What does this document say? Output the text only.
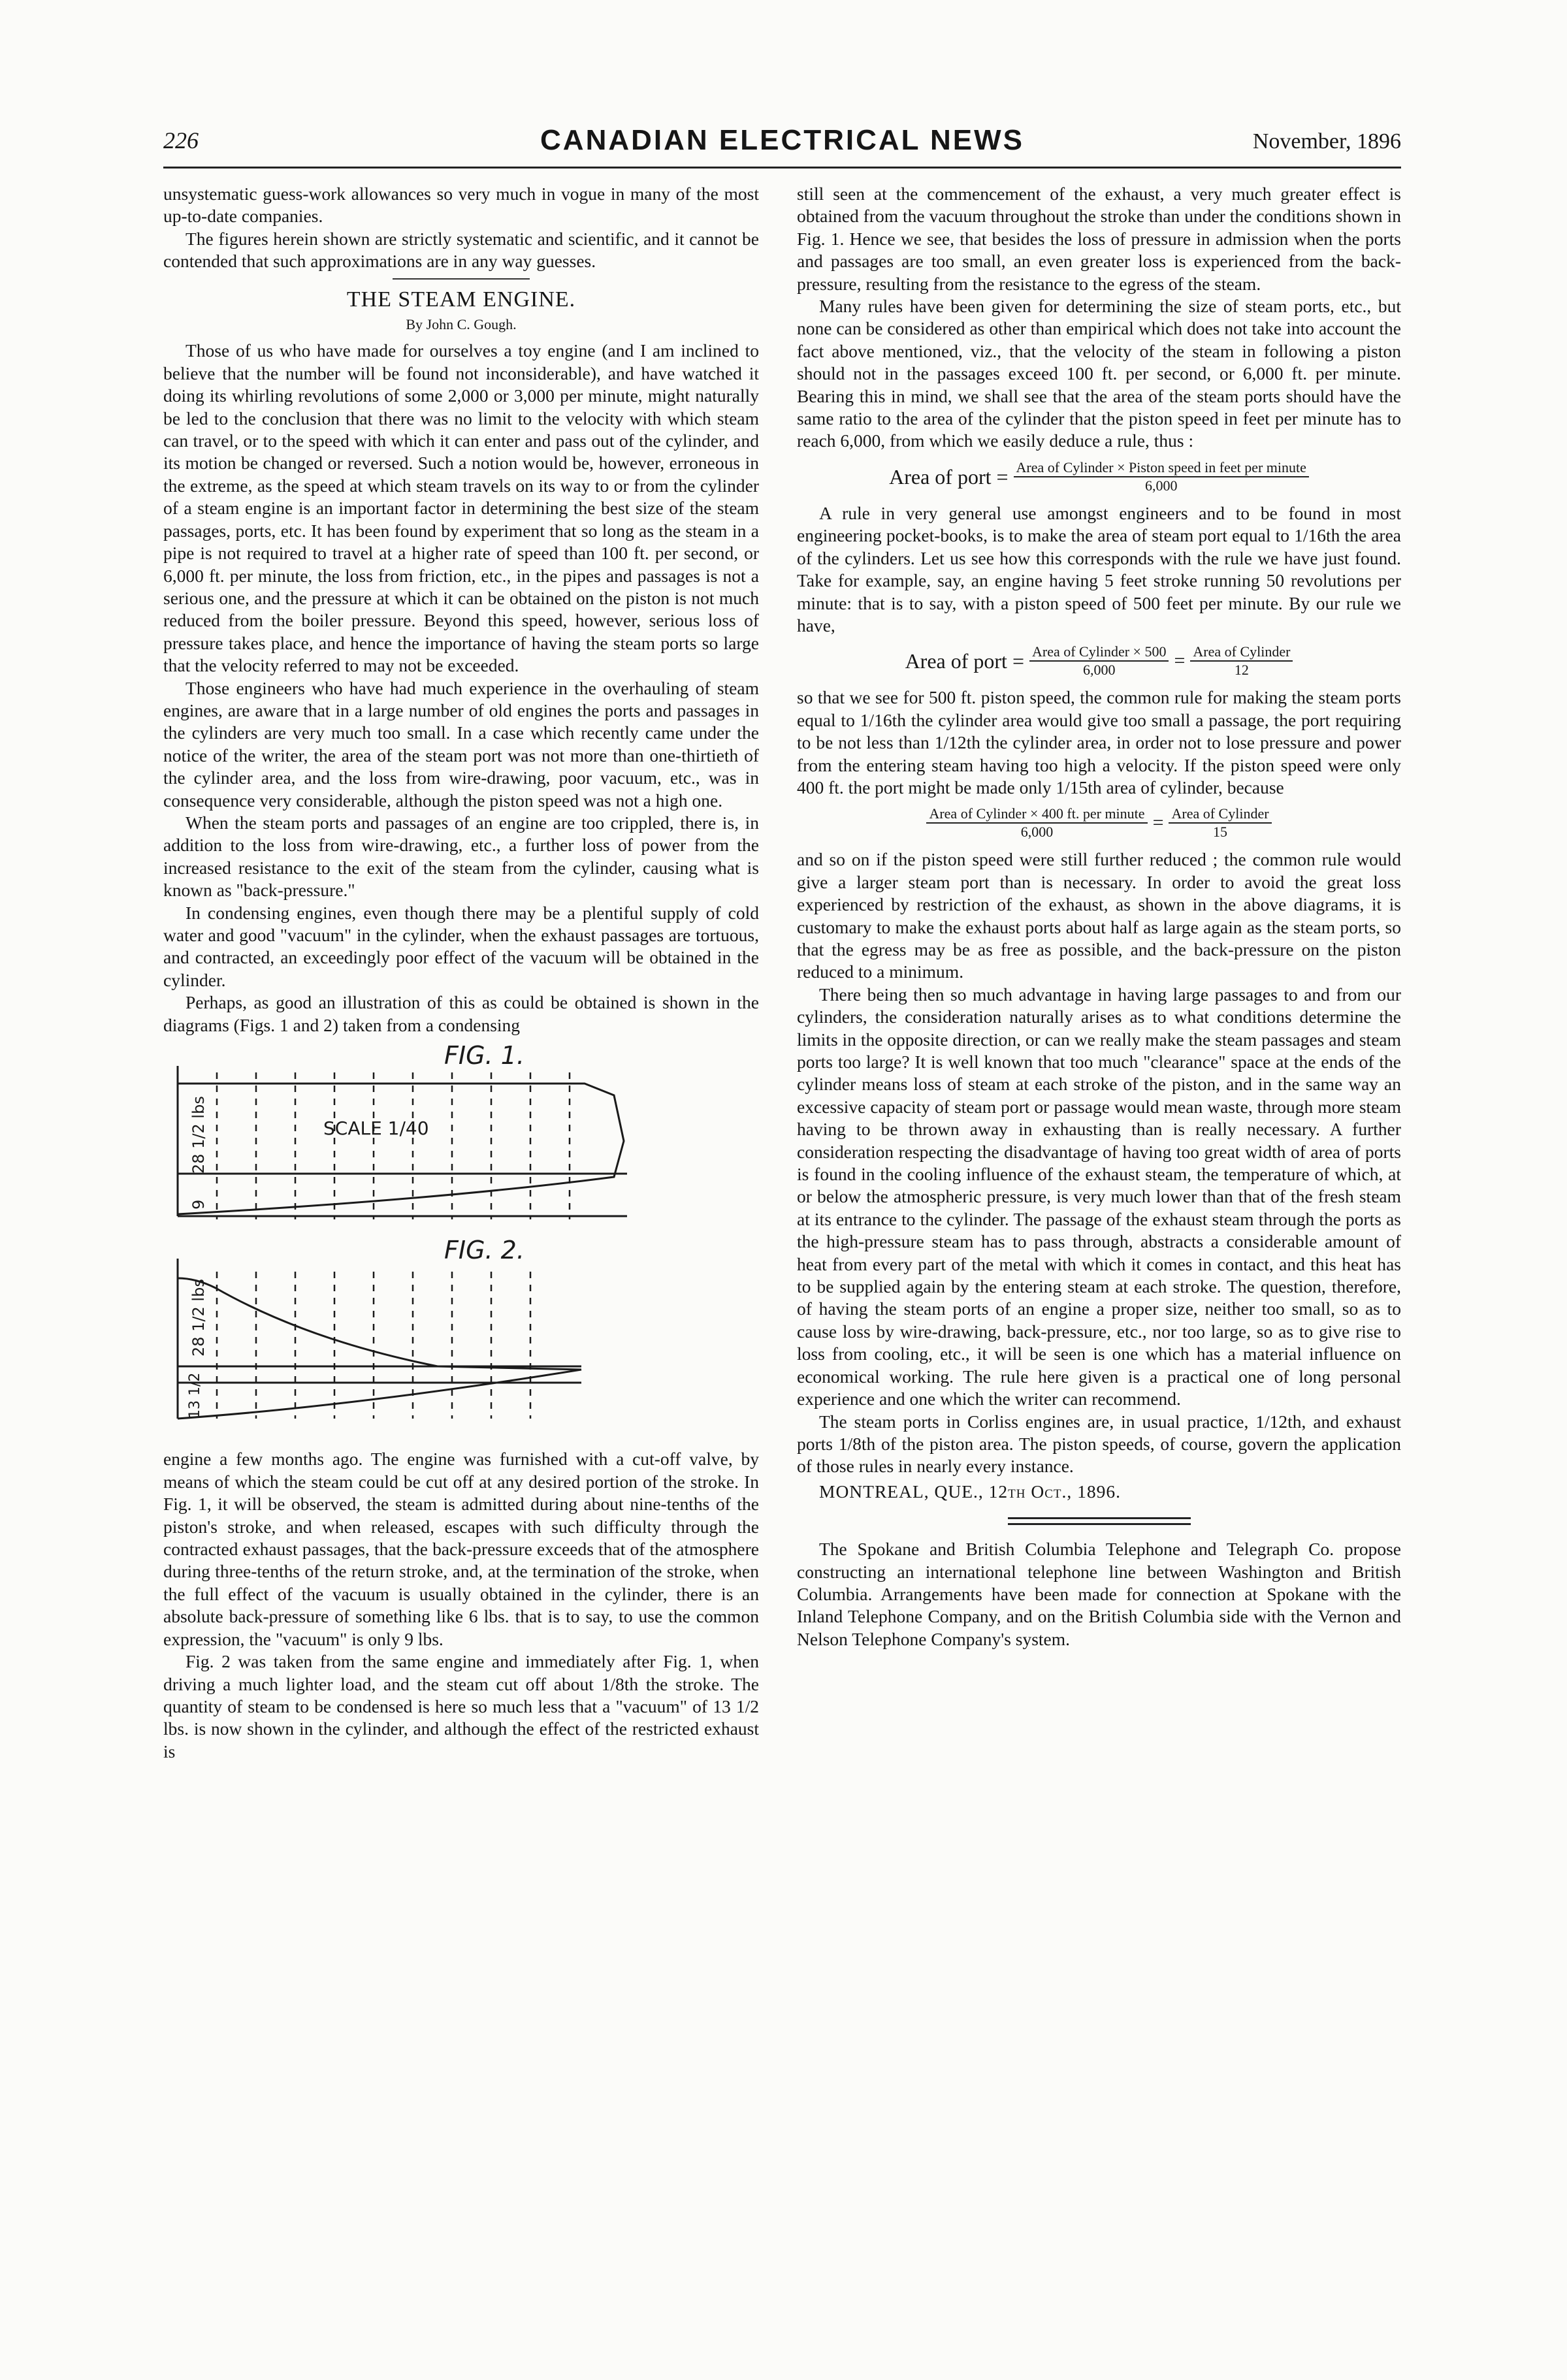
226	CANADIAN ELECTRICAL NEWS	November, 1896

unsystematic guess-work allowances so very much in vogue in many of the most up-to-date companies.

The figures herein shown are strictly systematic and scientific, and it cannot be contended that such approximations are in any way guesses.

THE STEAM ENGINE.
By John C. Gough.

Those of us who have made for ourselves a toy engine (and I am inclined to believe that the number will be found not inconsiderable), and have watched it doing its whirling revolutions of some 2,000 or 3,000 per minute, might naturally be led to the conclusion that there was no limit to the velocity with which steam can travel, or to the speed with which it can enter and pass out of the cylinder, and its motion be changed or reversed. Such a notion would be, however, erroneous in the extreme, as the speed at which steam travels on its way to or from the cylinder of a steam engine is an important factor in determining the best size of the steam passages, ports, etc. It has been found by experiment that so long as the steam in a pipe is not required to travel at a higher rate of speed than 100 ft. per second, or 6,000 ft. per minute, the loss from friction, etc., in the pipes and passages is not a serious one, and the pressure at which it can be obtained on the piston is not much reduced from the boiler pressure. Beyond this speed, however, serious loss of pressure takes place, and hence the importance of having the steam ports so large that the velocity referred to may not be exceeded.

Those engineers who have had much experience in the overhauling of steam engines, are aware that in a large number of old engines the ports and passages in the cylinders are very much too small. In a case which recently came under the notice of the writer, the area of the steam port was not more than one-thirtieth of the cylinder area, and the loss from wire-drawing, poor vacuum, etc., was in consequence very considerable, although the piston speed was not a high one.

When the steam ports and passages of an engine are too crippled, there is, in addition to the loss from wire-drawing, etc., a further loss of power from the increased resistance to the exit of the steam from the cylinder, causing what is known as "back-pressure."

In condensing engines, even though there may be a plentiful supply of cold water and good "vacuum" in the cylinder, when the exhaust passages are tortuous, and contracted, an exceedingly poor effect of the vacuum will be obtained in the cylinder.

Perhaps, as good an illustration of this as could be obtained is shown in the diagrams (Figs. 1 and 2) taken from a condensing

FIG. 1.
SCALE 1/40
28 1/2 lbs
9
FIG. 2.
28 1/2 lbs
13 1/2

engine a few months ago. The engine was furnished with a cut-off valve, by means of which the steam could be cut off at any desired portion of the stroke. In Fig. 1, it will be observed, the steam is admitted during about nine-tenths of the piston's stroke, and when released, escapes with such difficulty through the contracted exhaust passages, that the back-pressure exceeds that of the atmosphere during three-tenths of the return stroke, and, at the termination of the stroke, when the full effect of the vacuum is usually obtained in the cylinder, there is an absolute back-pressure of something like 6 lbs. that is to say, to use the common expression, the "vacuum" is only 9 lbs.

Fig. 2 was taken from the same engine and immediately after Fig. 1, when driving a much lighter load, and the steam cut off about 1/8th the stroke. The quantity of steam to be condensed is here so much less that a "vacuum" of 13 1/2 lbs. is now shown in the cylinder, and although the effect of the restricted exhaust is

still seen at the commencement of the exhaust, a very much greater effect is obtained from the vacuum throughout the stroke than under the conditions shown in Fig. 1. Hence we see, that besides the loss of pressure in admission when the ports and passages are too small, an even greater loss is experienced from the back-pressure, resulting from the resistance to the egress of the steam.

Many rules have been given for determining the size of steam ports, etc., but none can be considered as other than empirical which does not take into account the fact above mentioned, viz., that the velocity of the steam in following a piston should not in the passages exceed 100 ft. per second, or 6,000 ft. per minute. Bearing this in mind, we shall see that the area of the steam ports should have the same ratio to the area of the cylinder that the piston speed in feet per minute has to reach 6,000, from which we easily deduce a rule, thus :

Area of port = $\frac{\text{Area of Cylinder × Piston speed in feet per minute}}{6,000}$

A rule in very general use amongst engineers and to be found in most engineering pocket-books, is to make the area of steam port equal to 1/16th the area of the cylinders. Let us see how this corresponds with the rule we have just found. Take for example, say, an engine having 5 feet stroke running 50 revolutions per minute: that is to say, with a piston speed of 500 feet per minute. By our rule we have,

Area of port = $\frac{\text{Area of Cylinder × 500}}{6,000} = \frac{\text{Area of Cylinder}}{12}$

so that we see for 500 ft. piston speed, the common rule for making the steam ports equal to 1/16th the cylinder area would give too small a passage, the port requiring to be not less than 1/12th the cylinder area, in order not to lose pressure and power from the entering steam having too high a velocity. If the piston speed were only 400 ft. the port might be made only 1/15th area of cylinder, because

$\frac{\text{Area of Cylinder × 400 ft. per minute}}{6,000} = \frac{\text{Area of Cylinder}}{15}$

and so on if the piston speed were still further reduced ; the common rule would give a larger steam port than is necessary. In order to avoid the great loss experienced by restriction of the exhaust, as shown in the above diagrams, it is customary to make the exhaust ports about half as large again as the steam ports, so that the egress may be as free as possible, and the back-pressure on the piston reduced to a minimum.

There being then so much advantage in having large passages to and from our cylinders, the consideration naturally arises as to what conditions determine the limits in the opposite direction, or can we really make the steam passages and steam ports too large? It is well known that too much "clearance" space at the ends of the cylinder means loss of steam at each stroke of the piston, and in the same way an excessive capacity of steam port or passage would mean waste, through more steam having to be thrown away in exhausting than is really necessary. A further consideration respecting the disadvantage of having too great width of area of ports is found in the cooling influence of the exhaust steam, the temperature of which, at or below the atmospheric pressure, is very much lower than that of the fresh steam at its entrance to the cylinder. The passage of the exhaust steam through the ports as the high-pressure steam has to pass through, abstracts a considerable amount of heat from every part of the metal with which it comes in contact, and this heat has to be supplied again by the entering steam at each stroke. The question, therefore, of having the steam ports of an engine a proper size, neither too small, so as to cause loss by wire-drawing, back-pressure, etc., nor too large, so as to give rise to loss from cooling, etc., it will be seen is one which has a material influence on economical working. The rule here given is a practical one of long personal experience and one which the writer can recommend.

The steam ports in Corliss engines are, in usual practice, 1/12th, and exhaust ports 1/8th of the piston area. The piston speeds, of course, govern the application of those rules in nearly every instance.

MONTREAL, QUE., 12th Oct., 1896.

The Spokane and British Columbia Telephone and Telegraph Co. propose constructing an international telephone line between Washington and British Columbia. Arrangements have been made for connection at Spokane with the Inland Telephone Company, and on the British Columbia side with the Vernon and Nelson Telephone Company's system.
